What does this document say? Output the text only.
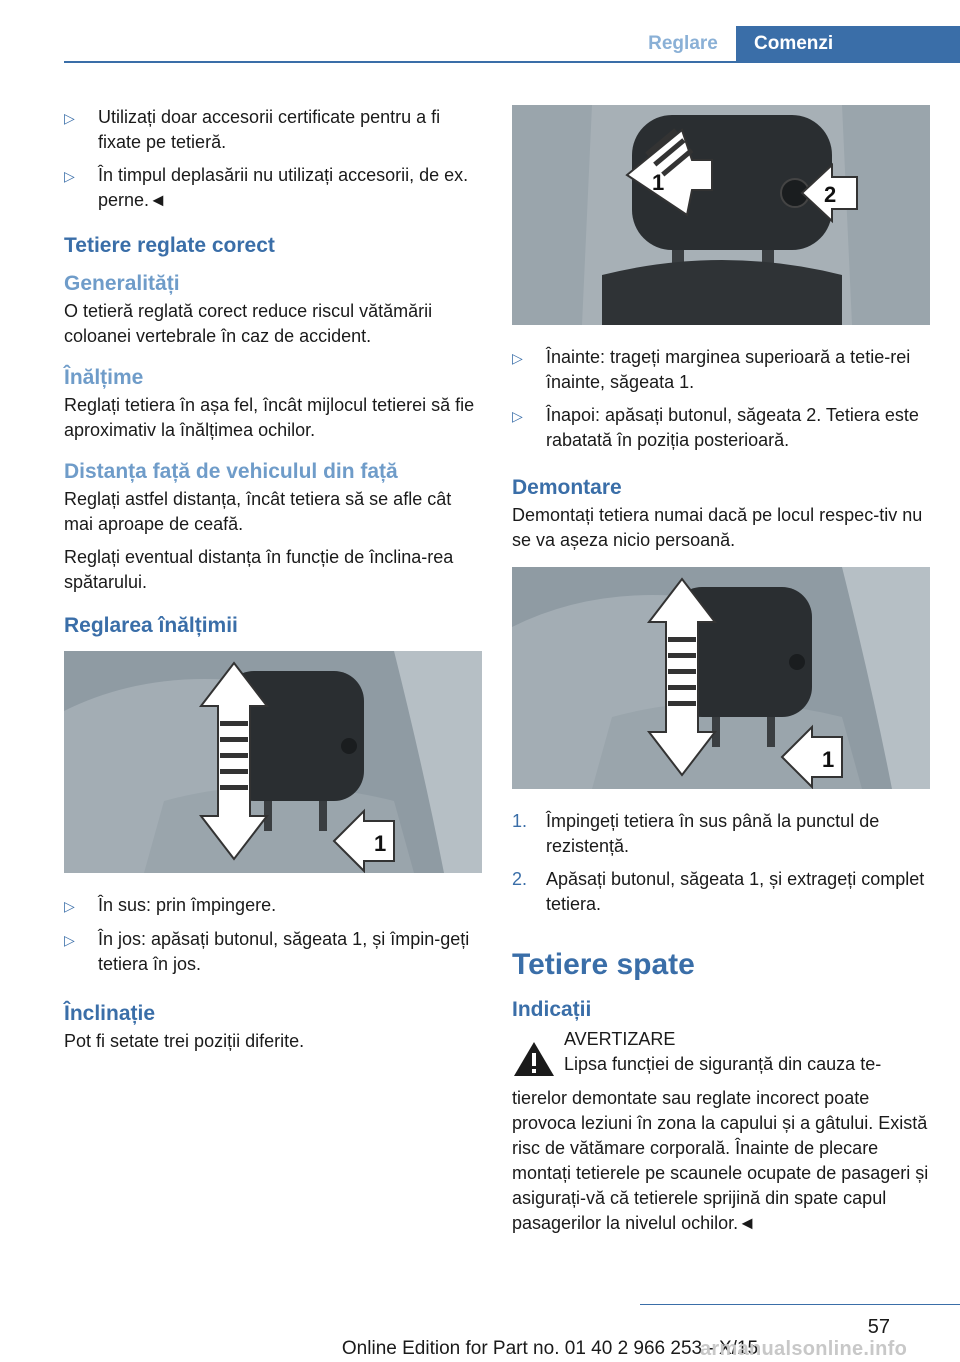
Reglare	Comenzi
▷	Utilizați doar accesorii certificate pentru a fi fixate pe tetieră.
▷	În timpul deplasării nu utilizați accesorii, de ex. perne.◄
Tetiere reglate corect
Generalități
O tetieră reglată corect reduce riscul vătămării coloanei vertebrale în caz de accident.
Înălțime
Reglați tetiera în așa fel, încât mijlocul tetierei să fie aproximativ la înălțimea ochilor.
Distanța față de vehiculul din față
Reglați astfel distanța, încât tetiera să se afle cât mai aproape de ceafă.
Reglați eventual distanța în funcție de înclina‐rea spătarului.
Reglarea înălțimii
1
▷	În sus: prin împingere.
▷	În jos: apăsați butonul, săgeata 1, și împin‐geți tetiera în jos.
Înclinație
Pot fi setate trei poziții diferite.
1	2
▷	Înainte: trageți marginea superioară a tetie‐rei înainte, săgeata 1.
▷	Înapoi: apăsați butonul, săgeata 2. Tetiera este rabatată în poziția posterioară.
Demontare
Demontați tetiera numai dacă pe locul respec‐tiv nu se va așeza nicio persoană.
1
1.	Împingeți tetiera în sus până la punctul de rezistență.
2.	Apăsați butonul, săgeata 1, și extrageți complet tetiera.
Tetiere spate
Indicații
AVERTIZARE
Lipsa funcției de siguranță din cauza te‐
tierelor demontate sau reglate incorect poate provoca leziuni în zona la capului și a gâtului. Există risc de vătămare corporală. Înainte de plecare montați tetierele pe scaunele ocupate de pasageri și asigurați-vă că tetierele sprijină din spate capul pasagerilor la nivelul ochilor.◄
57
Online Edition for Part no. 01 40 2 966 253 - X/15
armanualsonline.info
